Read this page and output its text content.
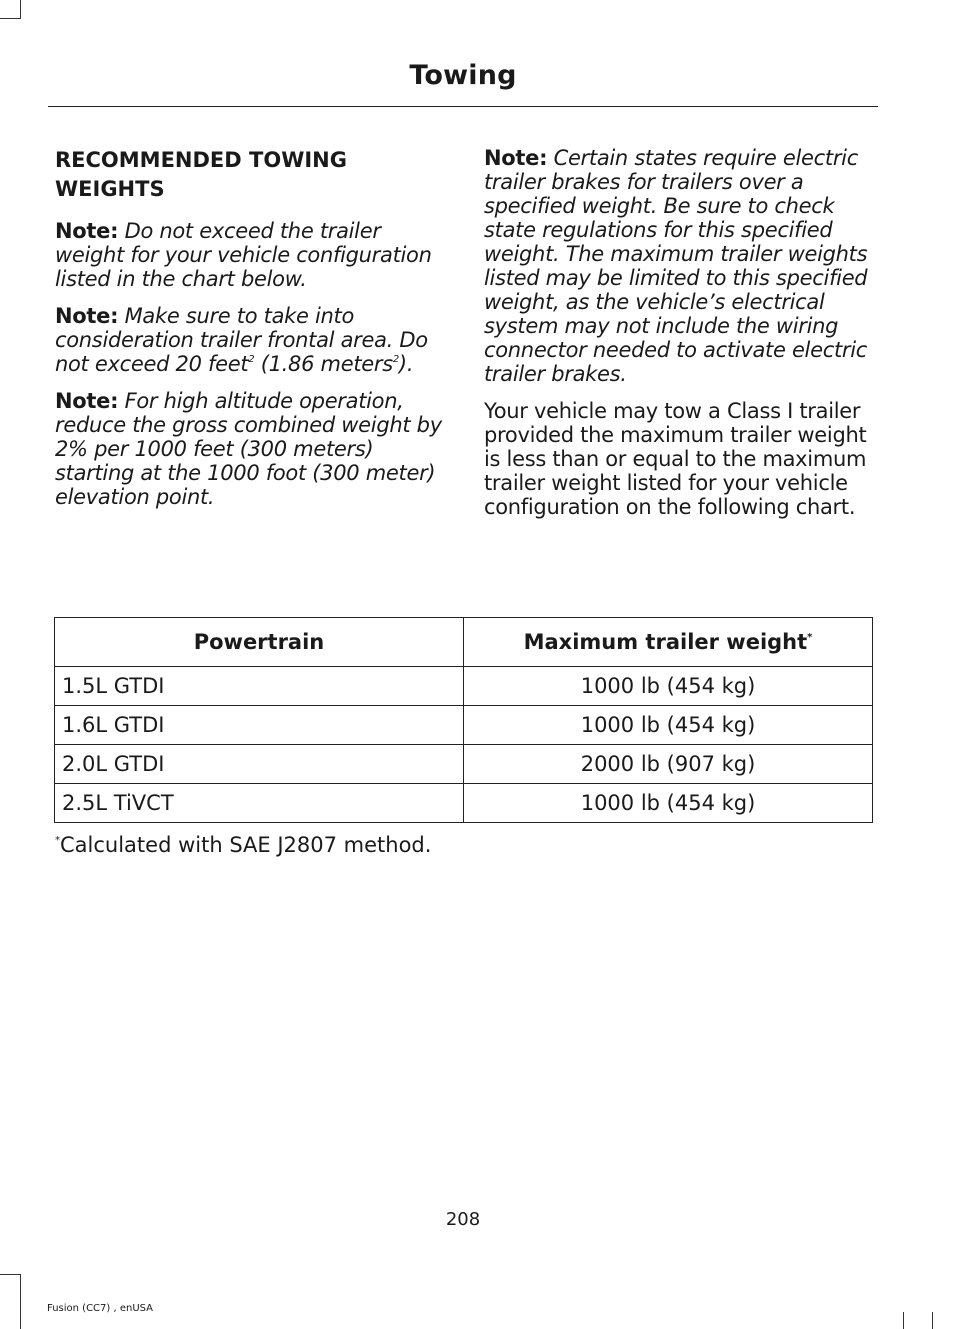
Towing
RECOMMENDED TOWING WEIGHTS

Note: Do not exceed the trailer weight for your vehicle configuration listed in the chart below.

Note: Make sure to take into consideration trailer frontal area. Do not exceed 20 feet$^2$ (1.86 meters$^2$).

Note: For high altitude operation, reduce the gross combined weight by 2% per 1000 feet (300 meters) starting at the 1000 foot (300 meter) elevation point.

Note: Certain states require electric trailer brakes for trailers over a specified weight. Be sure to check state regulations for this specified weight. The maximum trailer weights listed may be limited to this specified weight, as the vehicle’s electrical system may not include the wiring connector needed to activate electric trailer brakes.

Your vehicle may tow a Class I trailer provided the maximum trailer weight is less than or equal to the maximum trailer weight listed for your vehicle configuration on the following chart.

Powertrain	Maximum trailer weight*
1.5L GTDI	1000 lb (454 kg)
1.6L GTDI	1000 lb (454 kg)
2.0L GTDI	2000 lb (907 kg)
2.5L TiVCT	1000 lb (454 kg)
*Calculated with SAE J2807 method.
208
Fusion (CC7) , enUSA
